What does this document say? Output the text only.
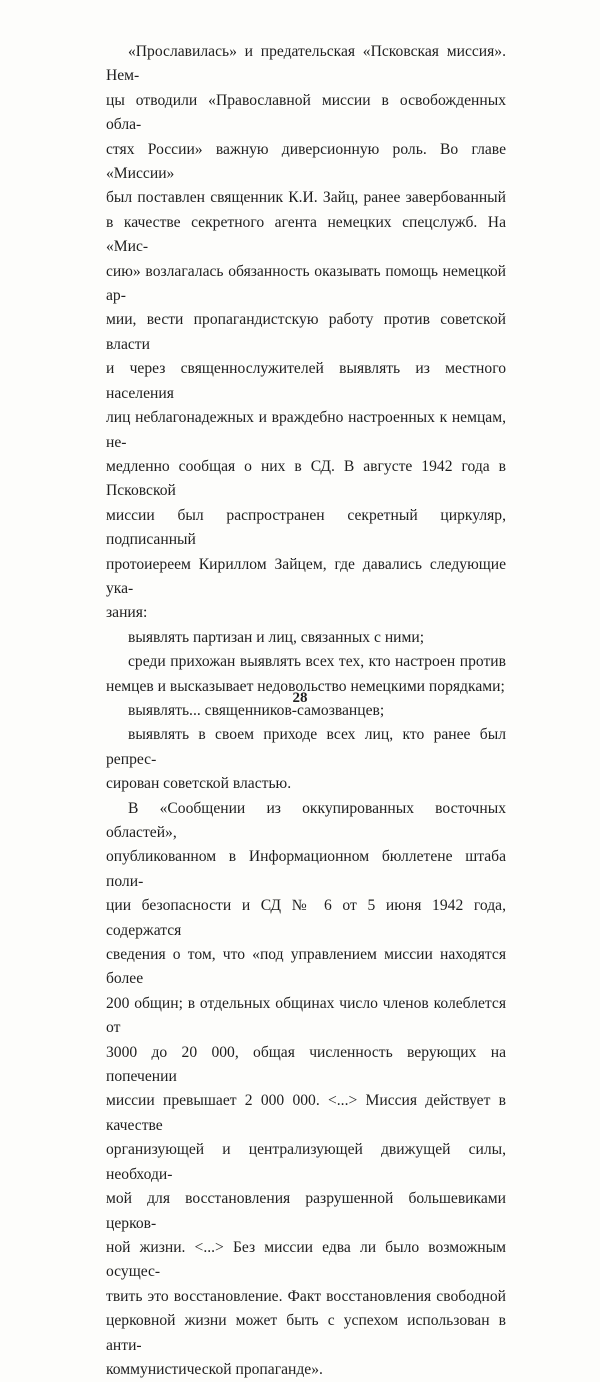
«Прославилась» и предательская «Псковская миссия». Нем-
цы отводили «Православной миссии в освобожденных обла-
стях России» важную диверсионную роль. Во главе «Миссии»
был поставлен священник К.И. Зайц, ранее завербованный
в качестве секретного агента немецких спецслужб. На «Мис-
сию» возлагалась обязанность оказывать помощь немецкой ар-
мии, вести пропагандистскую работу против советской власти
и через священнослужителей выявлять из местного населения
лиц неблагонадежных и враждебно настроенных к немцам, не-
медленно сообщая о них в СД. В августе 1942 года в Псковской
миссии был распространен секретный циркуляр, подписанный
протоиереем Кириллом Зайцем, где давались следующие ука-
зания:
выявлять партизан и лиц, связанных с ними;
среди прихожан выявлять всех тех, кто настроен против
немцев и высказывает недовольство немецкими порядками;
выявлять... священников-самозванцев;
выявлять в своем приходе всех лиц, кто ранее был репрес-
сирован советской властью.
В «Сообщении из оккупированных восточных областей»,
опубликованном в Информационном бюллетене штаба поли-
ции безопасности и СД № 6 от 5 июня 1942 года, содержатся
сведения о том, что «под управлением миссии находятся более
200 общин; в отдельных общинах число членов колеблется от
3000 до 20 000, общая численность верующих на попечении
миссии превышает 2 000 000. <...> Миссия действует в качестве
организующей и централизующей движущей силы, необходи-
мой для восстановления разрушенной большевиками церков-
ной жизни. <...> Без миссии едва ли было возможным осущес-
твить это восстановление. Факт восстановления свободной
церковной жизни может быть с успехом использован в анти-
коммунистической пропаганде».
28
